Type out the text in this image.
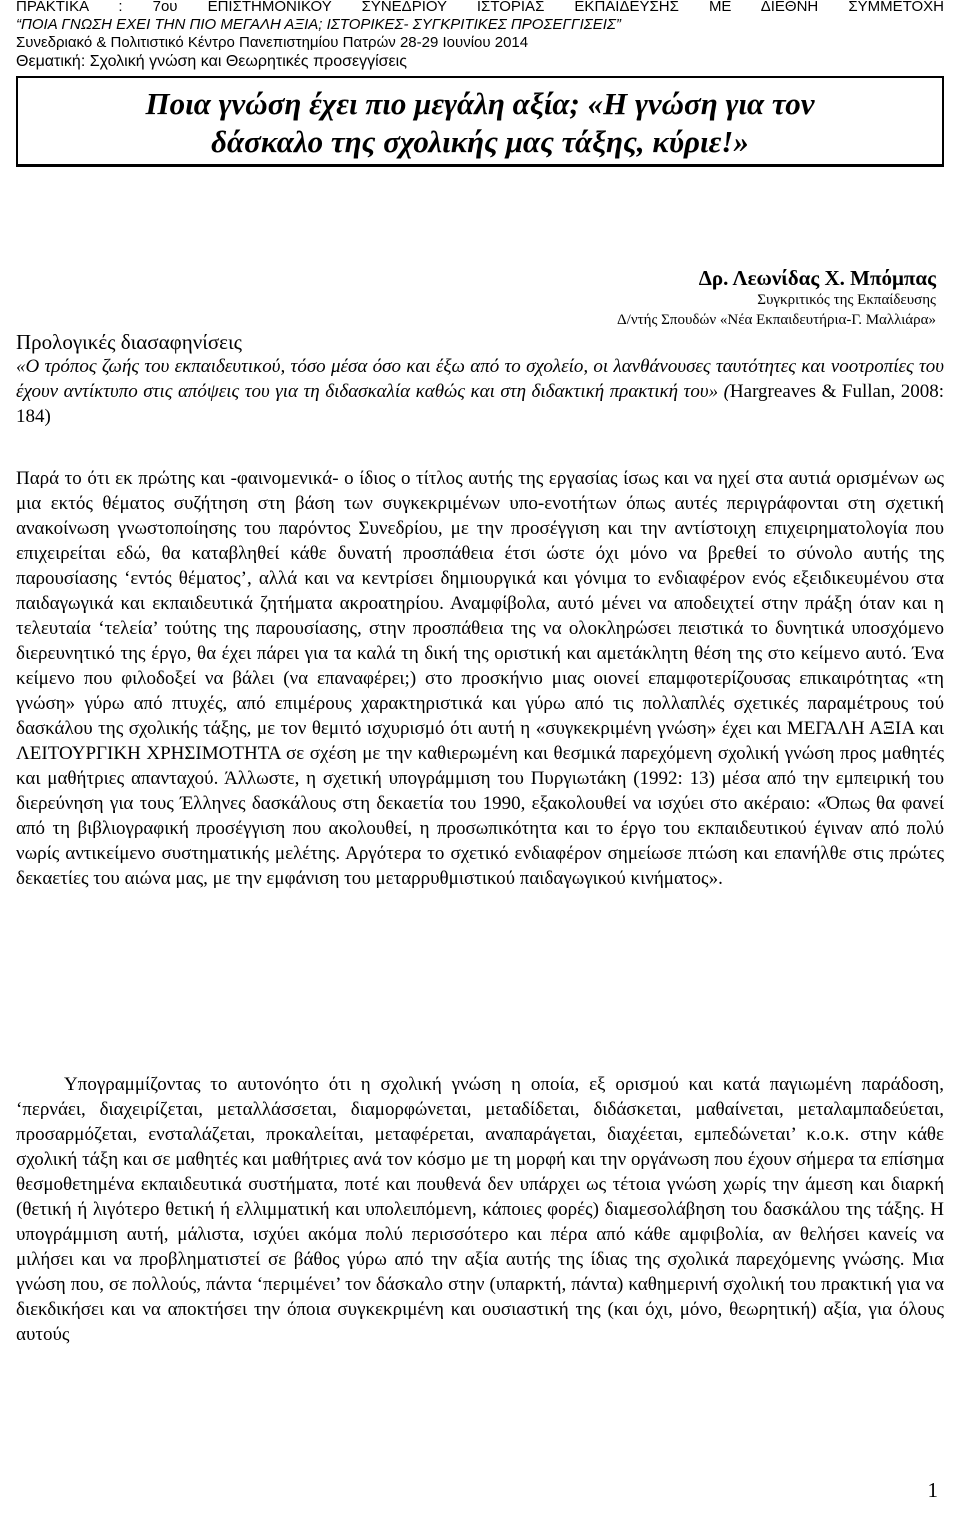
ΠΡΑΚΤΙΚΑ : 7ου ΕΠΙΣΤΗΜΟΝΙΚΟΥ ΣΥΝΕΔΡΙΟΥ ΙΣΤΟΡΙΑΣ ΕΚΠΑΙΔΕΥΣΗΣ ΜΕ ΔΙΕΘΝΗ ΣΥΜΜΕΤΟΧΗ
“ΠΟΙΑ ΓΝΩΣΗ ΕΧΕΙ ΤΗΝ ΠΙΟ ΜΕΓΑΛΗ ΑΞΙΑ; ΙΣΤΟΡΙΚΕΣ- ΣΥΓΚΡΙΤΙΚΕΣ ΠΡΟΣΕΓΓΙΣΕΙΣ”
Συνεδριακό & Πολιτιστικό Κέντρο Πανεπιστημίου Πατρών 28-29 Ιουνίου 2014
Θεματική: Σχολική γνώση και Θεωρητικές προσεγγίσεις
Ποια γνώση έχει πιο μεγάλη αξία; «Η γνώση για τον
δάσκαλο της σχολικής μας τάξης, κύριε!»
Δρ. Λεωνίδας Χ. Μπόμπας
Συγκριτικός της Εκπαίδευσης
Δ/ντής Σπουδών «Νέα Εκπαιδευτήρια-Γ. Μαλλιάρα»
Προλογικές διασαφηνίσεις

«Ο τρόπος ζωής του εκπαιδευτικού, τόσο μέσα όσο και έξω από το σχολείο, οι λανθάνουσες ταυτότητες και νοοτροπίες του έχουν αντίκτυπο στις απόψεις του για τη διδασκαλία καθώς και στη διδακτική πρακτική του» (Hargreaves & Fullan, 2008: 184)

Παρά το ότι εκ πρώτης και -φαινομενικά- ο ίδιος ο τίτλος αυτής της εργασίας ίσως και να ηχεί στα αυτιά ορισμένων ως μια εκτός θέματος συζήτηση στη βάση των συγκεκριμένων υπο-ενοτήτων όπως αυτές περιγράφονται στη σχετική ανακοίνωση γνωστοποίησης του παρόντος Συνεδρίου, με την προσέγγιση και την αντίστοιχη επιχειρηματολογία που επιχειρείται εδώ, θα καταβληθεί κάθε δυνατή προσπάθεια έτσι ώστε όχι μόνο να βρεθεί το σύνολο αυτής της παρουσίασης ‘εντός θέματος’, αλλά και να κεντρίσει δημιουργικά και γόνιμα το ενδιαφέρον ενός εξειδικευμένου στα παιδαγωγικά και εκπαιδευτικά ζητήματα ακροατηρίου. Αναμφίβολα, αυτό μένει να αποδειχτεί στην πράξη όταν και η τελευταία ‘τελεία’ τούτης της παρουσίασης, στην προσπάθεια της να ολοκληρώσει πειστικά το δυνητικά υποσχόμενο διερευνητικό της έργο, θα έχει πάρει για τα καλά τη δική της οριστική και αμετάκλητη θέση της στο κείμενο αυτό. Ένα κείμενο που φιλοδοξεί να βάλει (να επαναφέρει;) στο προσκήνιο μιας οιονεί επαμφοτερίζουσας επικαιρότητας «τη γνώση» γύρω από πτυχές, από επιμέρους χαρακτηριστικά και γύρω από τις πολλαπλές σχετικές παραμέτρους τού δασκάλου της σχολικής τάξης, με τον θεμιτό ισχυρισμό ότι αυτή η «συγκεκριμένη γνώση» έχει και ΜΕΓΑΛΗ ΑΞΙΑ και ΛΕΙΤΟΥΡΓΙΚΗ ΧΡΗΣΙΜΟΤΗΤΑ σε σχέση με την καθιερωμένη και θεσμικά παρεχόμενη σχολική γνώση προς μαθητές και μαθήτριες απανταχού. Άλλωστε, η σχετική υπογράμμιση του Πυργιωτάκη (1992: 13) μέσα από την εμπειρική του διερεύνηση για τους Έλληνες δασκάλους στη δεκαετία του 1990, εξακολουθεί να ισχύει στο ακέραιο: «Όπως θα φανεί από τη βιβλιογραφική προσέγγιση που ακολουθεί, η προσωπικότητα και το έργο του εκπαιδευτικού έγιναν από πολύ νωρίς αντικείμενο συστηματικής μελέτης. Αργότερα το σχετικό ενδιαφέρον σημείωσε πτώση και επανήλθε στις πρώτες δεκαετίες του αιώνα μας, με την εμφάνιση του μεταρρυθμιστικού παιδαγωγικού κινήματος».

Υπογραμμίζοντας το αυτονόητο ότι η σχολική γνώση η οποία, εξ ορισμού και κατά παγιωμένη παράδοση, ‘περνάει, διαχειρίζεται, μεταλλάσσεται, διαμορφώνεται, μεταδίδεται, διδάσκεται, μαθαίνεται, μεταλαμπαδεύεται, προσαρμόζεται, ενσταλάζεται, προκαλείται, μεταφέρεται, αναπαράγεται, διαχέεται, εμπεδώνεται’ κ.ο.κ. στην κάθε σχολική τάξη και σε μαθητές και μαθήτριες ανά τον κόσμο με τη μορφή και την οργάνωση που έχουν σήμερα τα επίσημα θεσμοθετημένα εκπαιδευτικά συστήματα, ποτέ και πουθενά δεν υπάρχει ως τέτοια γνώση χωρίς την άμεση και διαρκή (θετική ή λιγότερο θετική ή ελλιμματική και υπολειπόμενη, κάποιες φορές) διαμεσολάβηση του δασκάλου της τάξης. Η υπογράμμιση αυτή, μάλιστα, ισχύει ακόμα πολύ περισσότερο και πέρα από κάθε αμφιβολία, αν θελήσει κανείς να μιλήσει και να προβληματιστεί σε βάθος γύρω από την αξία αυτής της ίδιας της σχολικά παρεχόμενης γνώσης. Μια γνώση που, σε πολλούς, πάντα ‘περιμένει’ τον δάσκαλο στην (υπαρκτή, πάντα) καθημερινή σχολική του πρακτική για να διεκδικήσει και να αποκτήσει την όποια συγκεκριμένη και ουσιαστική της (και όχι, μόνο, θεωρητική) αξία, για όλους αυτούς

1
